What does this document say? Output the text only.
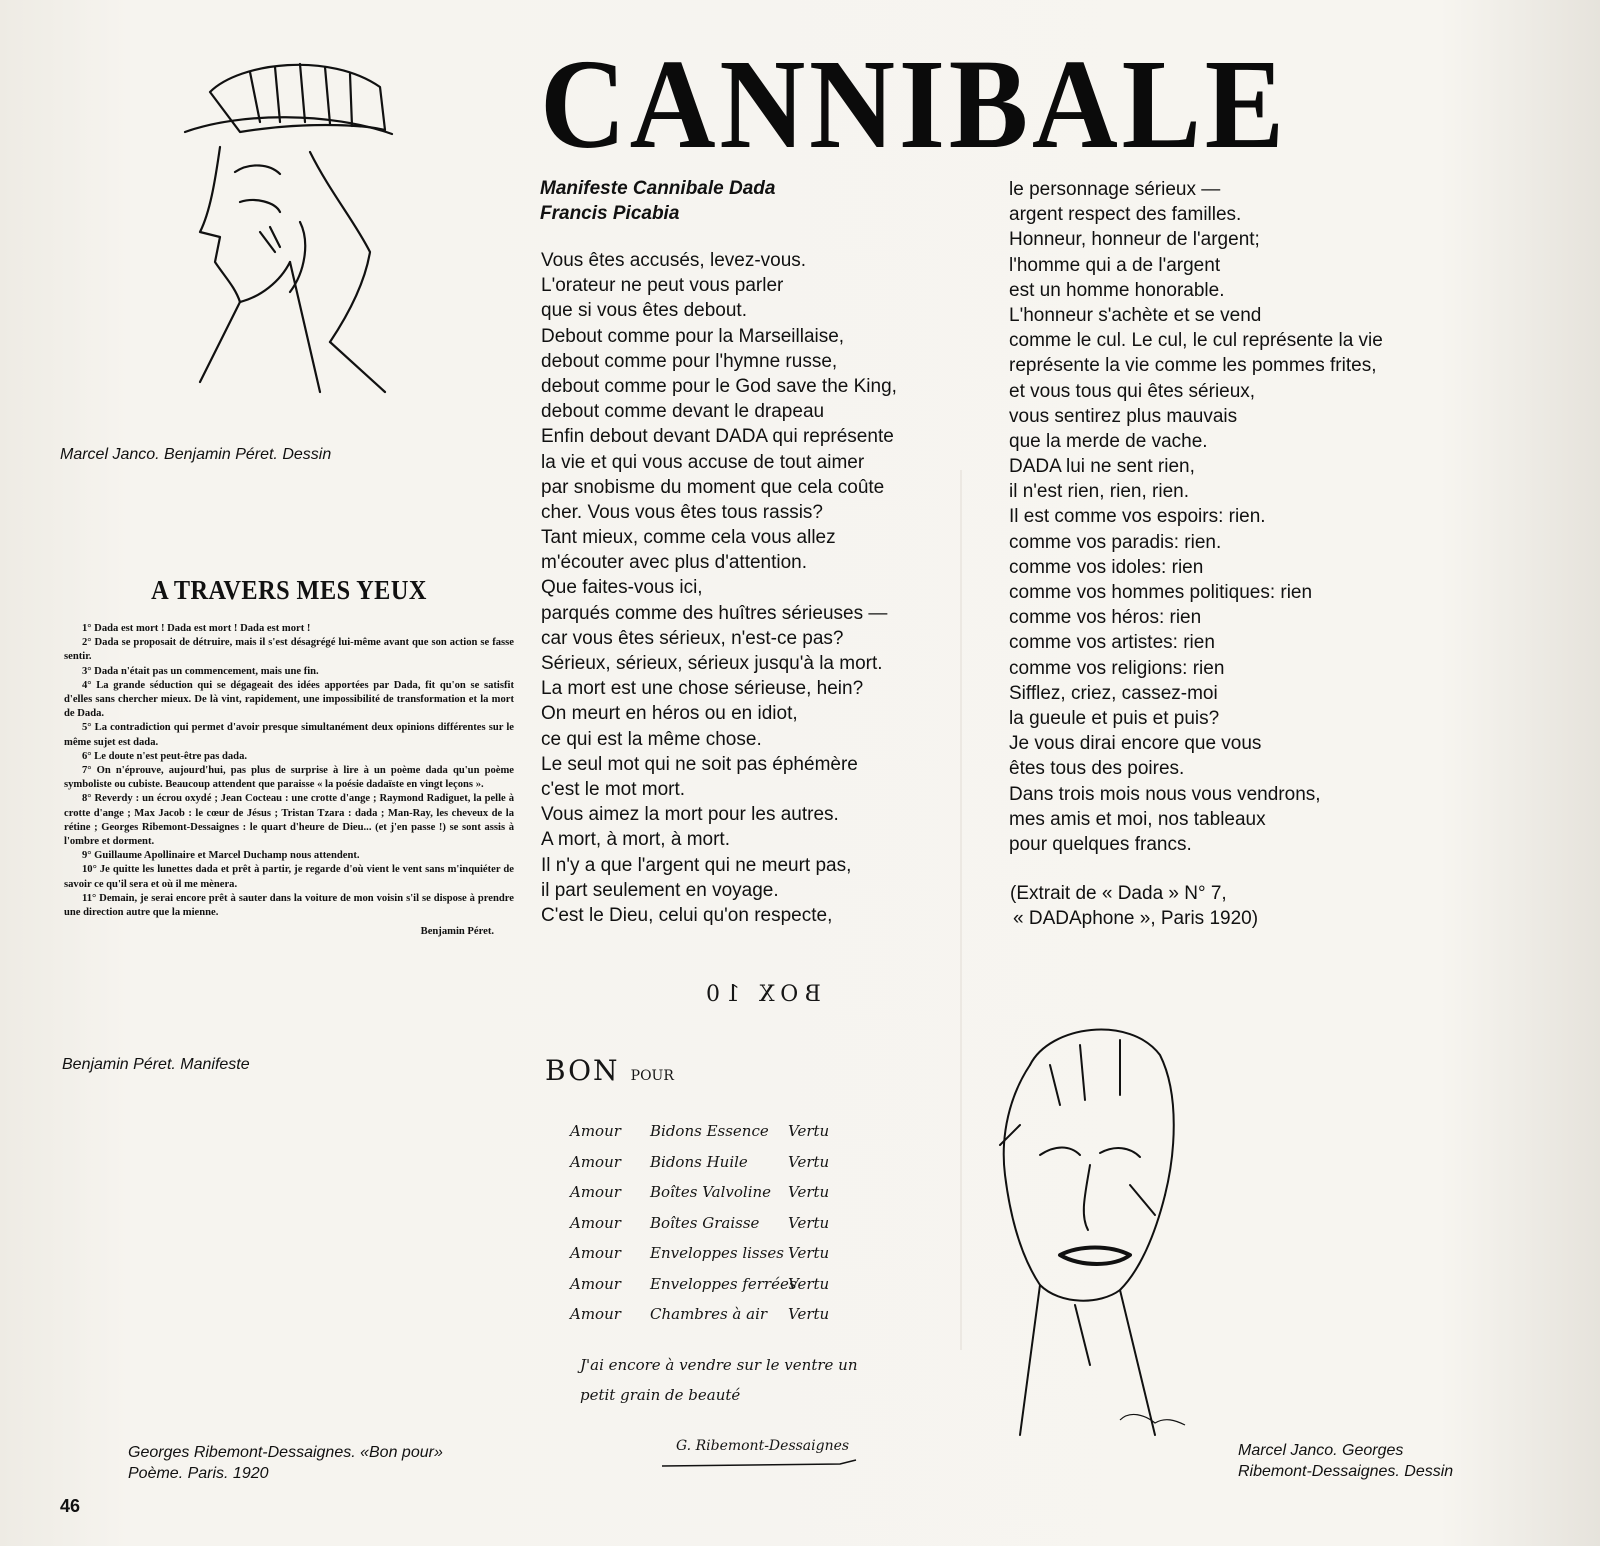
Marcel Janco. Benjamin Péret. Dessin
A TRAVERS MES YEUX
1° Dada est mort ! Dada est mort ! Dada est mort !
2° Dada se proposait de détruire, mais il s'est désagrégé lui-même avant que son action se fasse sentir.
3° Dada n'était pas un commencement, mais une fin.
4° La grande séduction qui se dégageait des idées apportées par Dada, fit qu'on se satisfit d'elles sans chercher mieux. De là vint, rapidement, une impossibilité de transformation et la mort de Dada.
5° La contradiction qui permet d'avoir presque simultanément deux opinions différentes sur le même sujet est dada.
6° Le doute n'est peut-être pas dada.
7° On n'éprouve, aujourd'hui, pas plus de surprise à lire à un poème dada qu'un poème symboliste ou cubiste. Beaucoup attendent que paraisse « la poésie dadaïste en vingt leçons ».
8° Reverdy : un écrou oxydé ; Jean Cocteau : une crotte d'ange ; Raymond Radiguet, la pelle à crotte d'ange ; Max Jacob : le cœur de Jésus ; Tristan Tzara : dada ; Man-Ray, les cheveux de la rétine ; Georges Ribemont-Dessaignes : le quart d'heure de Dieu... (et j'en passe !) se sont assis à l'ombre et dorment.
9° Guillaume Apollinaire et Marcel Duchamp nous attendent.
10° Je quitte les lunettes dada et prêt à partir, je regarde d'où vient le vent sans m'inquiéter de savoir ce qu'il sera et où il me mènera.
11° Demain, je serai encore prêt à sauter dans la voiture de mon voisin s'il se dispose à prendre une direction autre que la mienne.
Benjamin Péret.
Benjamin Péret. Manifeste
CANNIBALE
Manifeste Cannibale Dada
Francis Picabia
Vous êtes accusés, levez-vous.
L'orateur ne peut vous parler
que si vous êtes debout.
Debout comme pour la Marseillaise,
debout comme pour l'hymne russe,
debout comme pour le God save the King,
debout comme devant le drapeau
Enfin debout devant DADA qui représente
la vie et qui vous accuse de tout aimer
par snobisme du moment que cela coûte
cher. Vous vous êtes tous rassis?
Tant mieux, comme cela vous allez
m'écouter avec plus d'attention.
Que faites-vous ici,
parqués comme des huîtres sérieuses —
car vous êtes sérieux, n'est-ce pas?
Sérieux, sérieux, sérieux jusqu'à la mort.
La mort est une chose sérieuse, hein?
On meurt en héros ou en idiot,
ce qui est la même chose.
Le seul mot qui ne soit pas éphémère
c'est le mot mort.
Vous aimez la mort pour les autres.
A mort, à mort, à mort.
Il n'y a que l'argent qui ne meurt pas,
il part seulement en voyage.
C'est le Dieu, celui qu'on respecte,
le personnage sérieux —
argent respect des familles.
Honneur, honneur de l'argent;
l'homme qui a de l'argent
est un homme honorable.
L'honneur s'achète et se vend
comme le cul. Le cul, le cul représente la vie
représente la vie comme les pommes frites,
et vous tous qui êtes sérieux,
vous sentirez plus mauvais
que la merde de vache.
DADA lui ne sent rien,
il n'est rien, rien, rien.
Il est comme vos espoirs: rien.
comme vos paradis: rien.
comme vos idoles: rien
comme vos hommes politiques: rien
comme vos héros: rien
comme vos artistes: rien
comme vos religions: rien
Sifflez, criez, cassez-moi
la gueule et puis et puis?
Je vous dirai encore que vous
êtes tous des poires.
Dans trois mois nous vous vendrons,
mes amis et moi, nos tableaux
pour quelques francs.
(Extrait de « Dada » N° 7,
« DADAphone », Paris 1920)
BOX 10
BON POUR
Amour Bidons Essence Vertu
Amour Bidons Huile	Vertu
Amour Boîtes Valvoline Vertu
Amour Boîtes Graisse Vertu
Amour Enveloppes lisses Vertu
Amour Enveloppes ferrées
Vertu
Amour Chambres à air Vertu
J'ai encore à vendre sur le ventre un
petit grain de beauté
G. Ribemont-Dessaignes
Georges Ribemont-Dessaignes. «Bon pour»
Poème. Paris. 1920
Marcel Janco. Georges
Ribemont-Dessaignes. Dessin
46
